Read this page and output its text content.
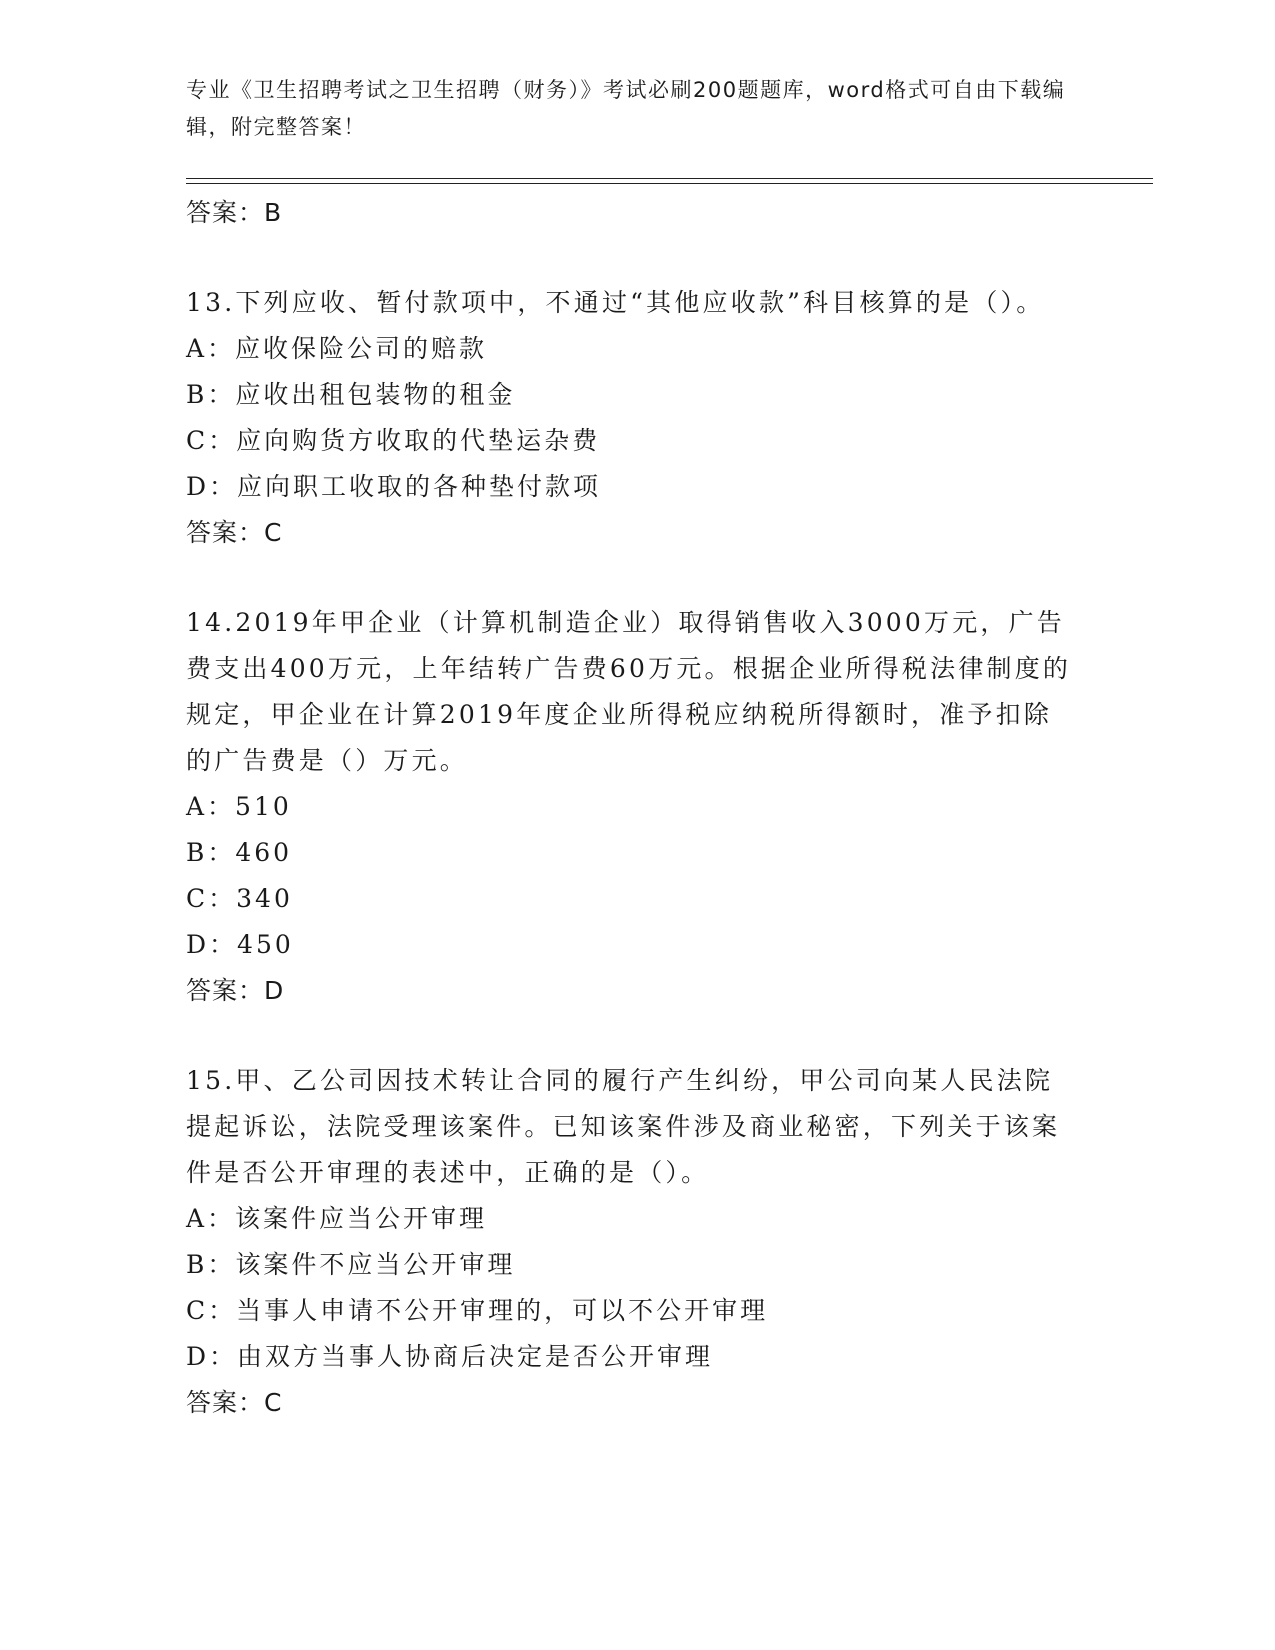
专业《卫生招聘考试之卫生招聘（财务）》考试必刷200题题库，word格式可自由下载编辑，附完整答案！
答案：B
13.下列应收、暂付款项中，不通过“其他应收款”科目核算的是（）。
A：应收保险公司的赔款
B：应收出租包装物的租金
C：应向购货方收取的代垫运杂费
D：应向职工收取的各种垫付款项
答案：C
14.2019年甲企业（计算机制造企业）取得销售收入3000万元，广告费支出400万元，上年结转广告费60万元。根据企业所得税法律制度的规定，甲企业在计算2019年度企业所得税应纳税所得额时，准予扣除的广告费是（）万元。
A：510
B：460
C：340
D：450
答案：D
15.甲、乙公司因技术转让合同的履行产生纠纷，甲公司向某人民法院提起诉讼，法院受理该案件。已知该案件涉及商业秘密，下列关于该案件是否公开审理的表述中，正确的是（）。
A：该案件应当公开审理
B：该案件不应当公开审理
C：当事人申请不公开审理的，可以不公开审理
D：由双方当事人协商后决定是否公开审理
答案：C
